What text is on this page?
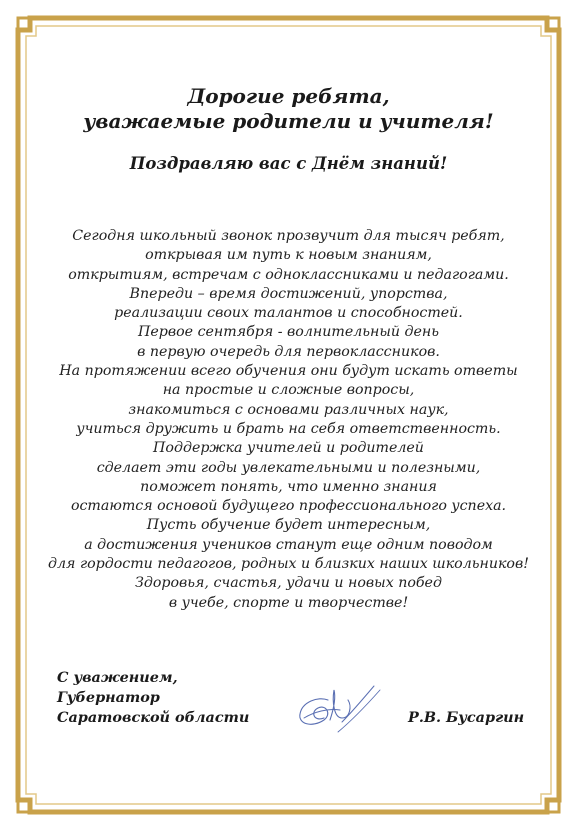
Дорогие ребята,
уважаемые родители и учителя!
Поздравляю вас с Днём знаний!
Сегодня школьный звонок прозвучит для тысяч ребят,
открывая им путь к новым знаниям,
открытиям, встречам с одноклассниками и педагогами.
Впереди – время достижений, упорства,
реализации своих талантов и способностей.
Первое сентября - волнительный день
в первую очередь для первоклассников.
На протяжении всего обучения они будут искать ответы
на простые и сложные вопросы,
знакомиться с основами различных наук,
учиться дружить и брать на себя ответственность.
Поддержка учителей и родителей
сделает эти годы увлекательными и полезными,
поможет понять, что именно знания
остаются основой будущего профессионального успеха.
Пусть обучение будет интересным,
а достижения учеников станут еще одним поводом
для гордости педагогов, родных и близких наших школьников!
Здоровья, счастья, удачи и новых побед
в учебе, спорте и творчестве!
С уважением,
Губернатор
Саратовской области	Р.В. Бусаргин
